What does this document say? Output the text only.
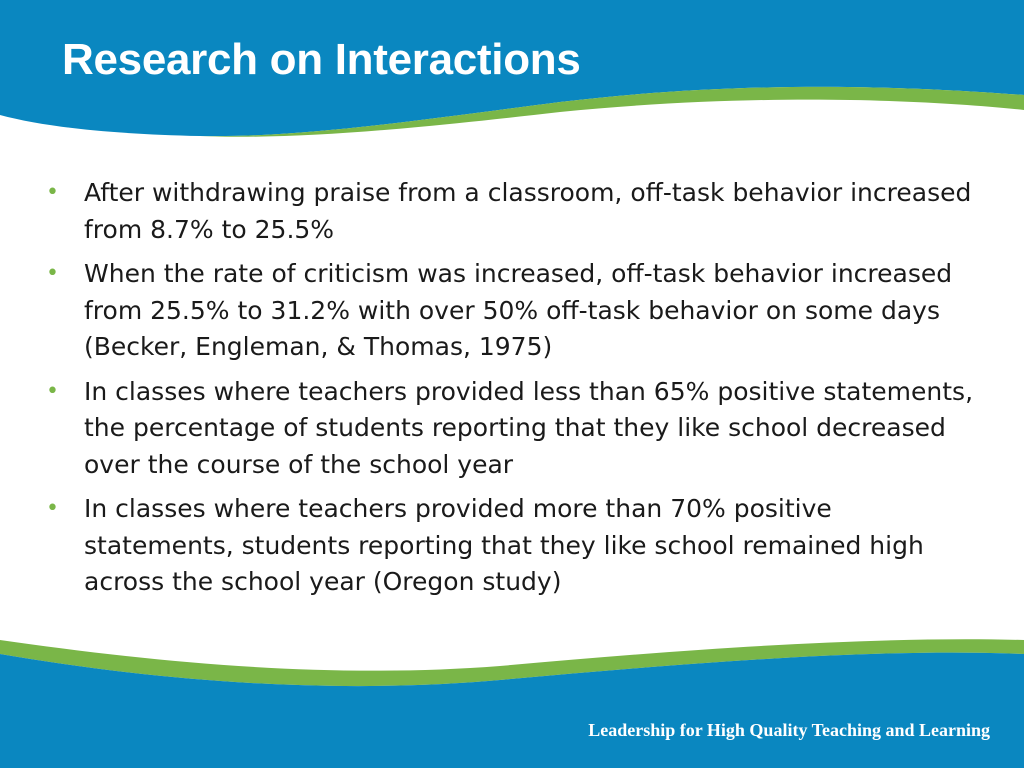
Research on Interactions
• After withdrawing praise from a classroom, off-task behavior increased from 8.7% to 25.5%
• When the rate of criticism was increased, off-task behavior increased from 25.5% to 31.2% with over 50% off-task behavior on some days (Becker, Engleman, & Thomas, 1975)
• In classes where teachers provided less than 65% positive statements, the percentage of students reporting that they like school decreased over the course of the school year
• In classes where teachers provided more than 70% positive statements, students reporting that they like school remained high across the school year (Oregon study)

Leadership for High Quality Teaching and Learning
